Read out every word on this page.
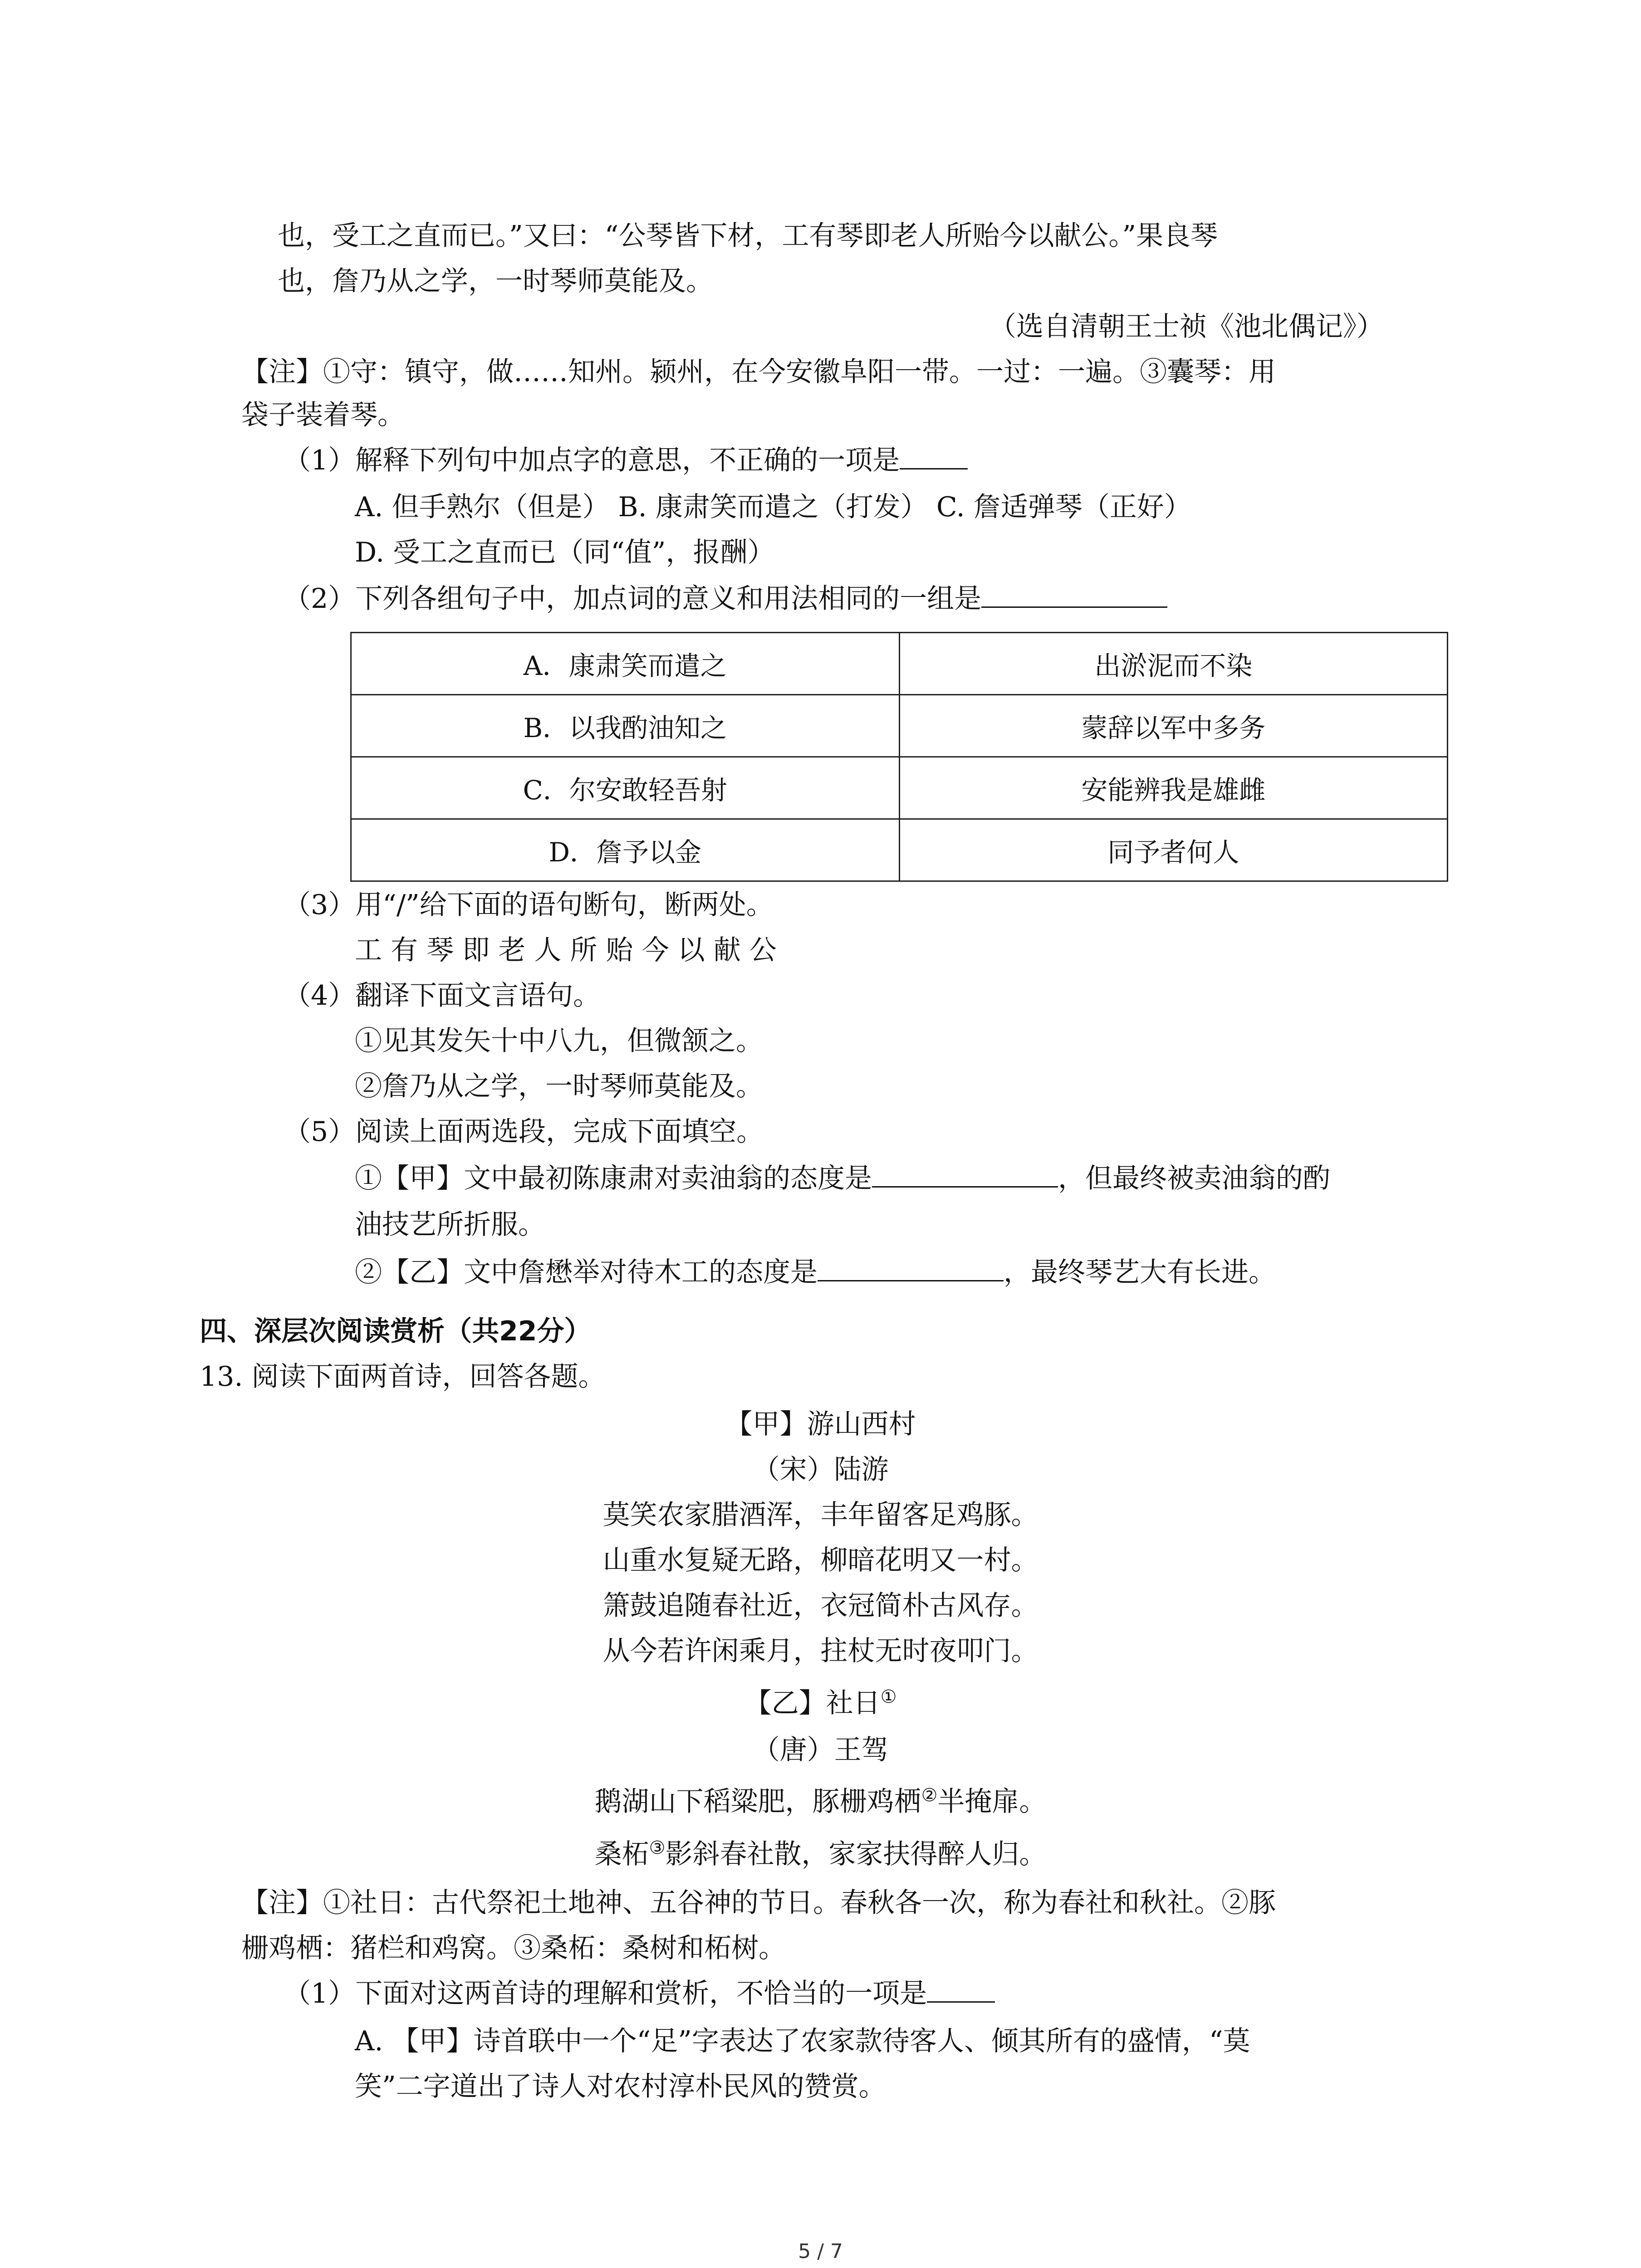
也，受工之直而已。”又曰：“公琴皆下材，工有琴即老人所贻今以献公。”果良琴
也，詹乃从之学，一时琴师莫能及。
（选自清朝王士祯《池北偶记》）
【注】①守：镇守，做……知州。颍州，在今安徽阜阳一带。一过：一遍。③囊琴：用
袋子装着琴。
（1）解释下列句中加点字的意思，不正确的一项是
A. 但手熟尔（但是） B. 康肃笑而遣之（打发） C. 詹适弹琴（正好）
D. 受工之直而已（同“值”，报酬）
（2）下列各组句子中，加点词的意义和用法相同的一组是
A．康肃笑而遣之	出淤泥而不染
B．以我酌油知之	蒙辞以军中多务
C．尔安敢轻吾射	安能辨我是雄雌
D．詹予以金	同予者何人
（3）用“/”给下面的语句断句，断两处。
工 有 琴 即 老 人 所 贻 今 以 献 公
（4）翻译下面文言语句。
①见其发矢十中八九，但微颔之。
②詹乃从之学，一时琴师莫能及。
（5）阅读上面两选段，完成下面填空。
①【甲】文中最初陈康肃对卖油翁的态度是	，但最终被卖油翁的酌
油技艺所折服。
②【乙】文中詹懋举对待木工的态度是	，最终琴艺大有长进。
四、深层次阅读赏析（共22分）
13. 阅读下面两首诗，回答各题。
【甲】游山西村
（宋）陆游
莫笑农家腊酒浑，丰年留客足鸡豚。
山重水复疑无路，柳暗花明又一村。
箫鼓追随春社近，衣冠简朴古风存。
从今若许闲乘月，拄杖无时夜叩门。
【乙】社日①
（唐）王驾
鹅湖山下稻粱肥，豚栅鸡栖②半掩扉。
桑柘③影斜春社散，家家扶得醉人归。
【注】①社日：古代祭祀土地神、五谷神的节日。春秋各一次，称为春社和秋社。②豚
栅鸡栖：猪栏和鸡窝。③桑柘：桑树和柘树。
（1）下面对这两首诗的理解和赏析，不恰当的一项是
A. 【甲】诗首联中一个“足”字表达了农家款待客人、倾其所有的盛情，“莫
笑”二字道出了诗人对农村淳朴民风的赞赏。
5 / 7
